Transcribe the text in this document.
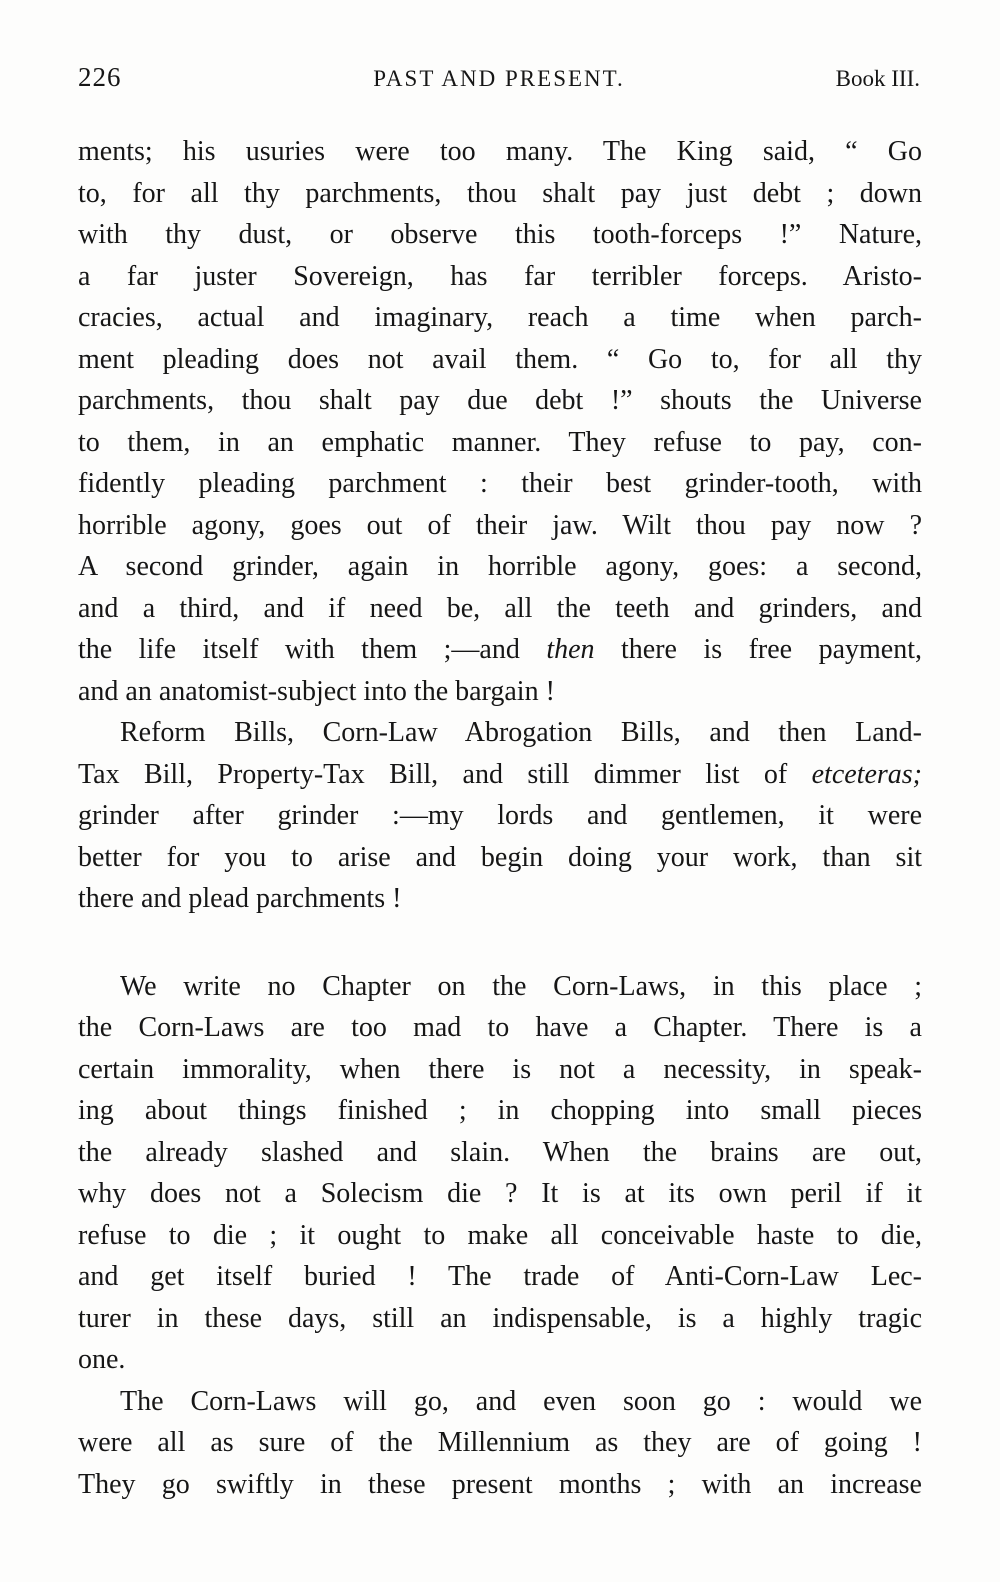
226	PAST AND PRESENT.	Book III.
ments; his usuries were too many. The King said, “ Go
to, for all thy parchments, thou shalt pay just debt ; down
with thy dust, or observe this tooth-forceps !” Nature,
a far juster Sovereign, has far terribler forceps. Aristo-
cracies, actual and imaginary, reach a time when parch-
ment pleading does not avail them. “ Go to, for all thy
parchments, thou shalt pay due debt !” shouts the Universe
to them, in an emphatic manner. They refuse to pay, con-
fidently pleading parchment : their best grinder-tooth, with
horrible agony, goes out of their jaw. Wilt thou pay now ?
A second grinder, again in horrible agony, goes: a second,
and a third, and if need be, all the teeth and grinders, and
the life itself with them ;—and then there is free payment,
and an anatomist-subject into the bargain !
Reform Bills, Corn-Law Abrogation Bills, and then Land-
Tax Bill, Property-Tax Bill, and still dimmer list of etceteras;
grinder after grinder :—my lords and gentlemen, it were
better for you to arise and begin doing your work, than sit
there and plead parchments !
We write no Chapter on the Corn-Laws, in this place ;
the Corn-Laws are too mad to have a Chapter. There is a
certain immorality, when there is not a necessity, in speak-
ing about things finished ; in chopping into small pieces
the already slashed and slain. When the brains are out,
why does not a Solecism die ? It is at its own peril if it
refuse to die ; it ought to make all conceivable haste to die,
and get itself buried ! The trade of Anti-Corn-Law Lec-
turer in these days, still an indispensable, is a highly tragic
one.
The Corn-Laws will go, and even soon go : would we
were all as sure of the Millennium as they are of going !
They go swiftly in these present months ; with an increase
